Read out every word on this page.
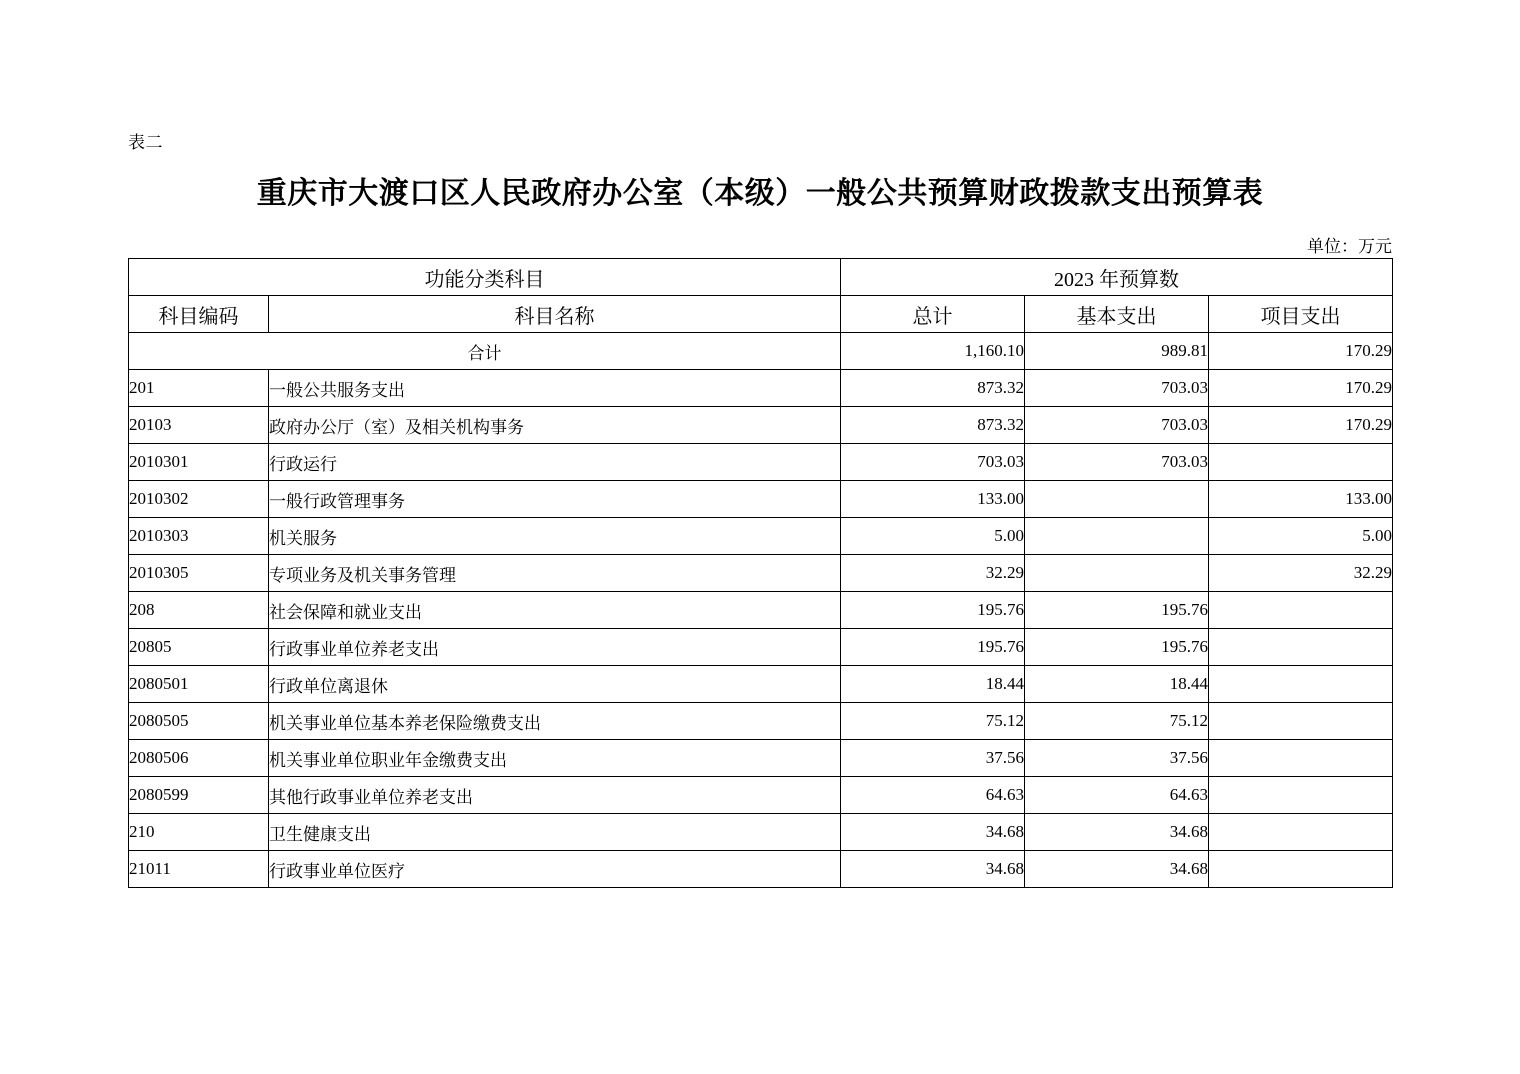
表二
重庆市大渡口区人民政府办公室（本级）一般公共预算财政拨款支出预算表
单位：万元
功能分类科目		2023 年预算数		
科目编码	科目名称	总计	基本支出	项目支出
合计		1,160.10	989.81	170.29
201	一般公共服务支出	873.32	703.03	170.29
20103	政府办公厅（室）及相关机构事务	873.32	703.03	170.29
2010301	行政运行	703.03	703.03	
2010302	一般行政管理事务	133.00		133.00
2010303	机关服务	5.00		5.00
2010305	专项业务及机关事务管理	32.29		32.29
208	社会保障和就业支出	195.76	195.76	
20805	行政事业单位养老支出	195.76	195.76	
2080501	行政单位离退休	18.44	18.44	
2080505	机关事业单位基本养老保险缴费支出	75.12	75.12	
2080506	机关事业单位职业年金缴费支出	37.56	37.56	
2080599	其他行政事业单位养老支出	64.63	64.63	
210	卫生健康支出	34.68	34.68	
21011	行政事业单位医疗	34.68	34.68	
